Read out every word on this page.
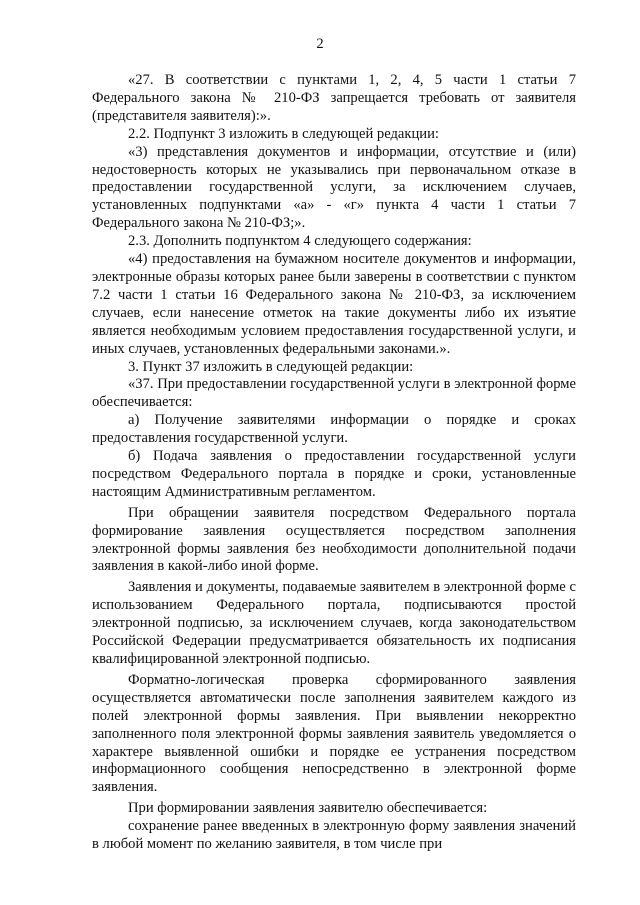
2

«27. В соответствии с пунктами 1, 2, 4, 5 части 1 статьи 7 Федерального закона № 210-ФЗ запрещается требовать от заявителя (представителя заявителя):».

2.2. Подпункт 3 изложить в следующей редакции:

«3) представления документов и информации, отсутствие и (или) недостоверность которых не указывались при первоначальном отказе в предоставлении государственной услуги, за исключением случаев, установленных подпунктами «а» - «г» пункта 4 части 1 статьи 7 Федерального закона № 210-ФЗ;».

2.3. Дополнить подпунктом 4 следующего содержания:

«4) предоставления на бумажном носителе документов и информации, электронные образы которых ранее были заверены в соответствии с пунктом 7.2 части 1 статьи 16 Федерального закона № 210-ФЗ, за исключением случаев, если нанесение отметок на такие документы либо их изъятие является необходимым условием предоставления государственной услуги, и иных случаев, установленных федеральными законами.».

3. Пункт 37 изложить в следующей редакции:

«37. При предоставлении государственной услуги в электронной форме обеспечивается:

а) Получение заявителями информации о порядке и сроках предоставления государственной услуги.

б) Подача заявления о предоставлении государственной услуги посредством Федерального портала в порядке и сроки, установленные настоящим Административным регламентом.

При обращении заявителя посредством Федерального портала формирование заявления осуществляется посредством заполнения электронной формы заявления без необходимости дополнительной подачи заявления в какой-либо иной форме.

Заявления и документы, подаваемые заявителем в электронной форме с использованием Федерального портала, подписываются простой электронной подписью, за исключением случаев, когда законодательством Российской Федерации предусматривается обязательность их подписания квалифицированной электронной подписью.

Форматно-логическая проверка сформированного заявления осуществляется автоматически после заполнения заявителем каждого из полей электронной формы заявления. При выявлении некорректно заполненного поля электронной формы заявления заявитель уведомляется о характере выявленной ошибки и порядке ее устранения посредством информационного сообщения непосредственно в электронной форме заявления.

При формировании заявления заявителю обеспечивается:

сохранение ранее введенных в электронную форму заявления значений в любой момент по желанию заявителя, в том числе при
